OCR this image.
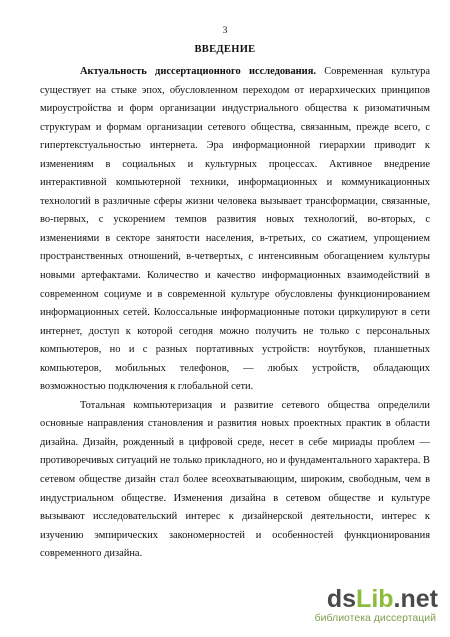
3
ВВЕДЕНИЕ

Актуальность диссертационного исследования. Современная культура существует на стыке эпох, обусловленном переходом от иерархических принципов мироустройства и форм организации индустриального общества к ризоматичным структурам и формам организации сетевого общества, связанным, прежде всего, с гипертекстуальностью интернета. Эра информационной гиерархии приводит к изменениям в социальных и культурных процессах. Активное внедрение интерактивной компьютерной техники, информационных и коммуникационных технологий в различные сферы жизни человека вызывает трансформации, связанные, во-первых, с ускорением темпов развития новых технологий, во-вторых, с изменениями в секторе занятости населения, в-третьих, со сжатием, упрощением пространственных отношений, в-четвертых, с интенсивным обогащением культуры новыми артефактами. Количество и качество информационных взаимодействий в современном социуме и в современной культуре обусловлены функционированием информационных сетей. Колоссальные информационные потоки циркулируют в сети интернет, доступ к которой сегодня можно получить не только с персональных компьютеров, но и с разных портативных устройств: ноутбуков, планшетных компьютеров, мобильных телефонов, — любых устройств, обладающих возможностью подключения к глобальной сети.

Тотальная компьютеризация и развитие сетевого общества определили основные направления становления и развития новых проектных практик в области дизайна. Дизайн, рожденный в цифровой среде, несет в себе мириады проблем — противоречивых ситуаций не только прикладного, но и фундаментального характера. В сетевом обществе дизайн стал более всеохватывающим, широким, свободным, чем в индустриальном обществе. Изменения дизайна в сетевом обществе и культуре вызывают исследовательский интерес к дизайнерской деятельности, интерес к изучению эмпирических закономерностей и особенностей функционирования современного дизайна.

dsLib.net
библиотека диссертаций
